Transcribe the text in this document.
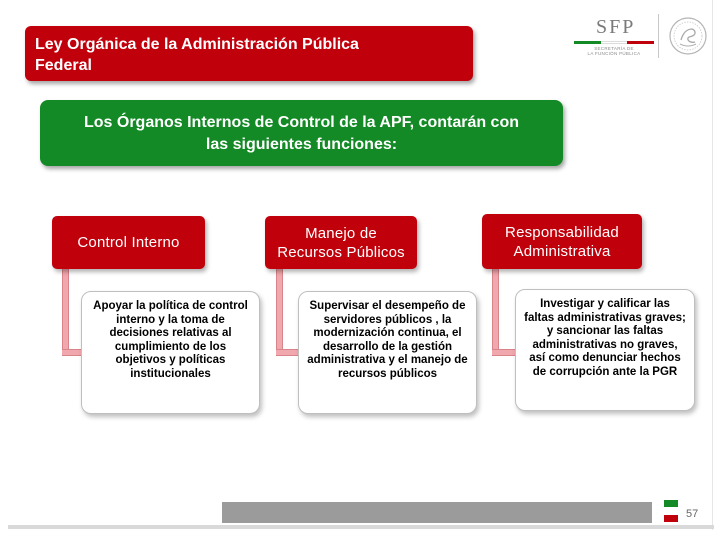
Ley Orgánica de la Administración Pública
Federal
SFP
SECRETARÍA DE
LA FUNCIÓN PÚBLICA
Los Órganos Internos de Control de la APF, contarán con
las siguientes funciones:
Control Interno
Apoyar la política de control interno y la toma de decisiones relativas al cumplimiento de los objetivos y políticas institucionales
Manejo de Recursos Públicos
Supervisar el desempeño de servidores públicos , la modernización continua, el desarrollo de la gestión administrativa y el manejo de recursos públicos
Responsabilidad Administrativa
Investigar y calificar las faltas administrativas graves; y sancionar las faltas administrativas no graves, así como denunciar hechos de corrupción ante la PGR
57
